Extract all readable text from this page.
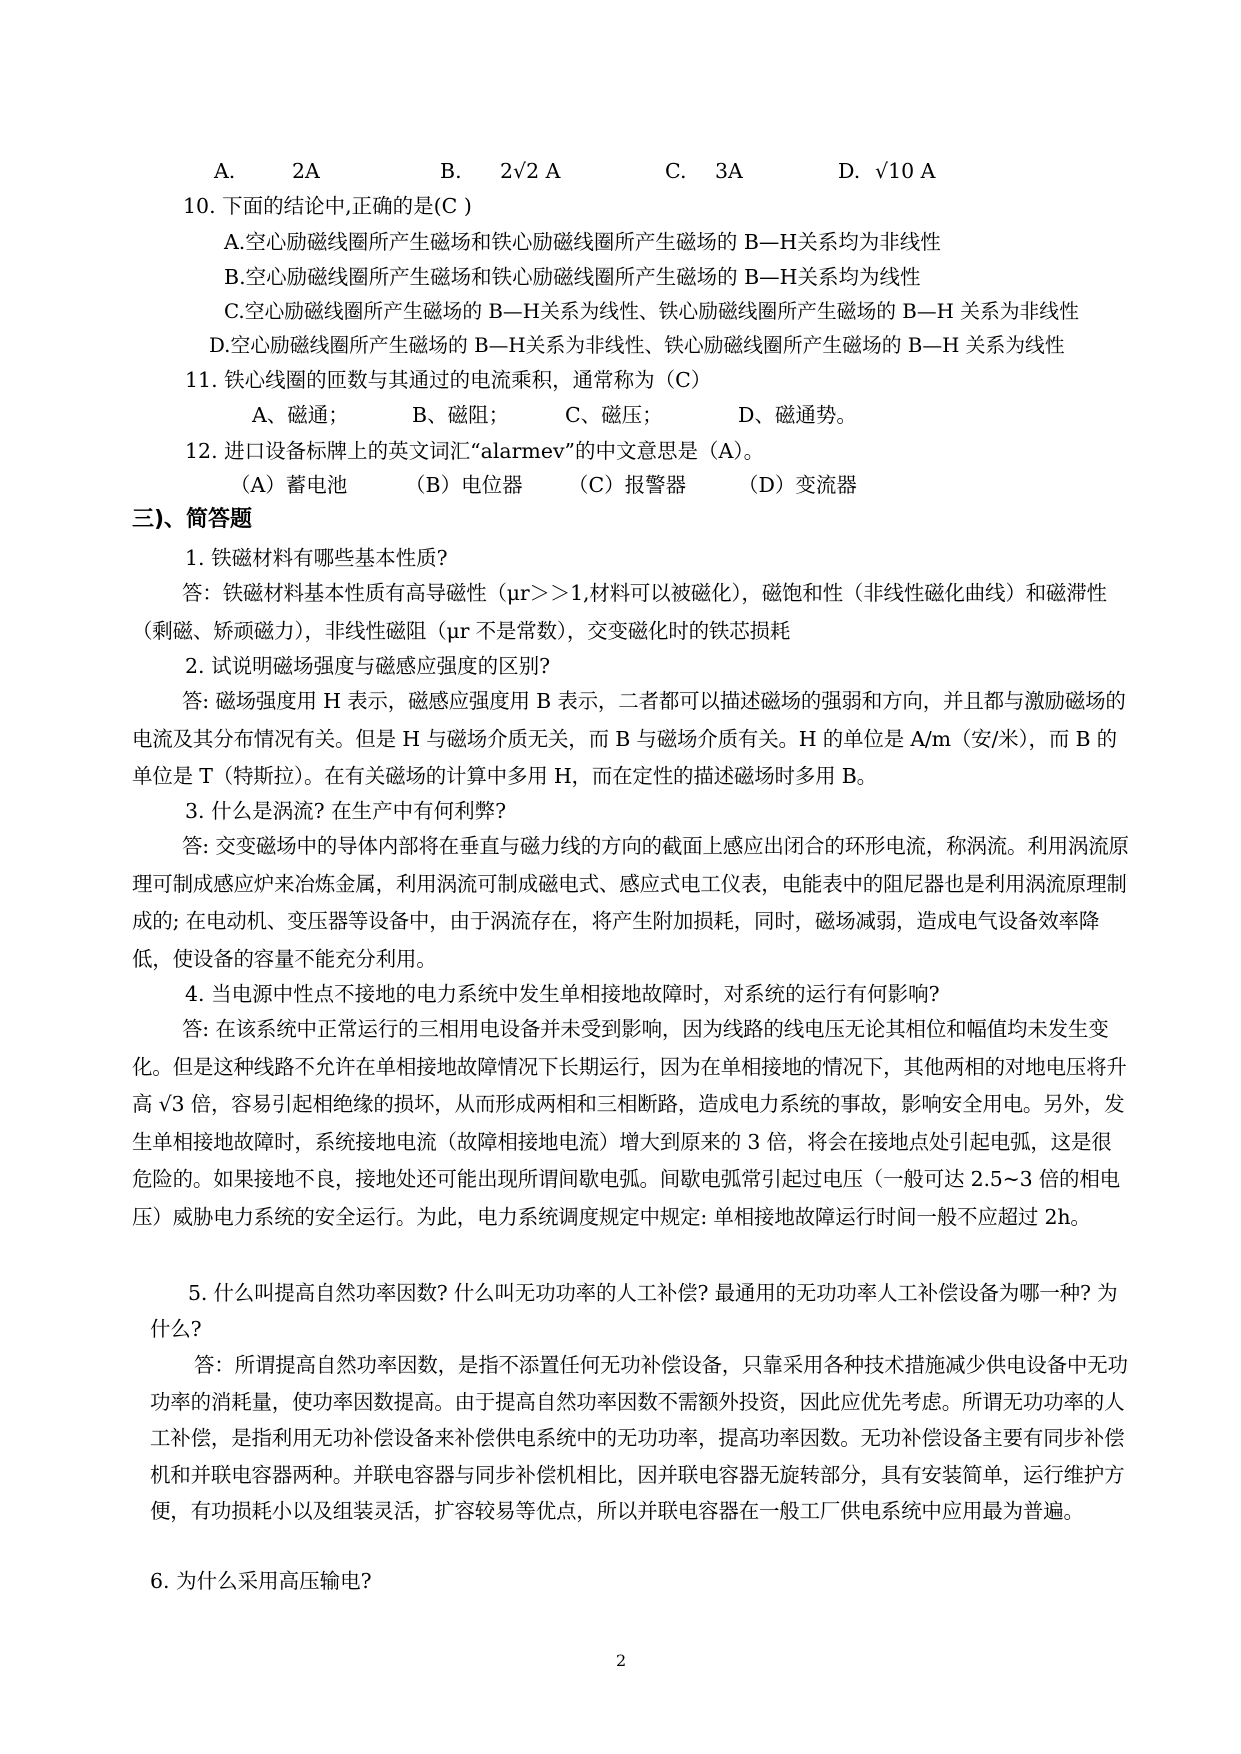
A.	2A	B. 2√2 A	C. 3A	D. √10 A
10. 下面的结论中,正确的是(C )
A.空心励磁线圈所产生磁场和铁心励磁线圈所产生磁场的 B—H关系均为非线性
B.空心励磁线圈所产生磁场和铁心励磁线圈所产生磁场的 B—H关系均为线性
C.空心励磁线圈所产生磁场的 B—H关系为线性、铁心励磁线圈所产生磁场的 B—H 关系为非线性
D.空心励磁线圈所产生磁场的 B—H关系为非线性、铁心励磁线圈所产生磁场的 B—H 关系为线性
11. 铁心线圈的匝数与其通过的电流乘积，通常称为（C）
A、磁通；	B、磁阻；	C、磁压；	D、磁通势。
12. 进口设备标牌上的英文词汇“alarmev”的中文意思是（A）。
（A）蓄电池	（B）电位器 （C）报警器	（D）变流器
三)、简答题
1. 铁磁材料有哪些基本性质?
答：铁磁材料基本性质有高导磁性（μr＞＞1,材料可以被磁化），磁饱和性（非线性磁化曲线）和磁滞性（剩磁、矫顽磁力），非线性磁阻（μr 不是常数），交变磁化时的铁芯损耗
2. 试说明磁场强度与磁感应强度的区别?
答: 磁场强度用 H 表示，磁感应强度用 B 表示，二者都可以描述磁场的强弱和方向，并且都与激励磁场的电流及其分布情况有关。但是 H 与磁场介质无关，而 B 与磁场介质有关。H 的单位是 A/m（安/米），而 B 的单位是 T（特斯拉）。在有关磁场的计算中多用 H，而在定性的描述磁场时多用 B。
3. 什么是涡流? 在生产中有何利弊?
答: 交变磁场中的导体内部将在垂直与磁力线的方向的截面上感应出闭合的环形电流，称涡流。利用涡流原理可制成感应炉来冶炼金属，利用涡流可制成磁电式、感应式电工仪表，电能表中的阻尼器也是利用涡流原理制成的; 在电动机、变压器等设备中，由于涡流存在，将产生附加损耗，同时，磁场减弱，造成电气设备效率降低，使设备的容量不能充分利用。
4. 当电源中性点不接地的电力系统中发生单相接地故障时，对系统的运行有何影响?
答: 在该系统中正常运行的三相用电设备并未受到影响，因为线路的线电压无论其相位和幅值均未发生变化。但是这种线路不允许在单相接地故障情况下长期运行，因为在单相接地的情况下，其他两相的对地电压将升高 √3 倍，容易引起相绝缘的损坏，从而形成两相和三相断路，造成电力系统的事故，影响安全用电。另外，发生单相接地故障时，系统接地电流（故障相接地电流）增大到原来的 3 倍，将会在接地点处引起电弧，这是很危险的。如果接地不良，接地处还可能出现所谓间歇电弧。间歇电弧常引起过电压（一般可达 2.5~3 倍的相电压）威胁电力系统的安全运行。为此，电力系统调度规定中规定: 单相接地故障运行时间一般不应超过 2h。
5. 什么叫提高自然功率因数? 什么叫无功功率的人工补偿? 最通用的无功功率人工补偿设备为哪一种? 为什么?
答：所谓提高自然功率因数，是指不添置任何无功补偿设备，只靠采用各种技术措施减少供电设备中无功功率的消耗量，使功率因数提高。由于提高自然功率因数不需额外投资，因此应优先考虑。所谓无功功率的人工补偿，是指利用无功补偿设备来补偿供电系统中的无功功率，提高功率因数。无功补偿设备主要有同步补偿机和并联电容器两种。并联电容器与同步补偿机相比，因并联电容器无旋转部分，具有安装简单，运行维护方便，有功损耗小以及组装灵活，扩容较易等优点，所以并联电容器在一般工厂供电系统中应用最为普遍。
6. 为什么采用高压输电?
2
